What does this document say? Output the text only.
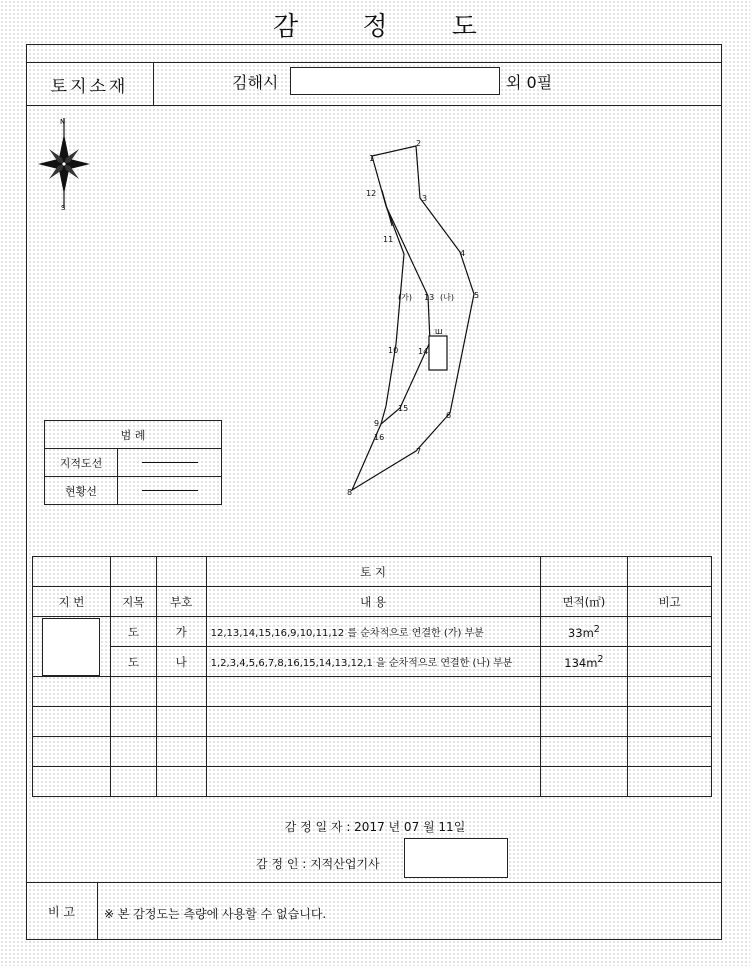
감 정 도
토지소재	김해시	외 0필
N
S
1
2
3
4
5
6
7
8
9
10
11
12
13
14
15
16
(가)	(나)
Ш
범 례	
지적도선	

현황선	
			토 지		
지 번	지목	부호	내 용	면적(㎡)	비고

	도	가	12,13,14,15,16,9,10,11,12 를 순차적으로 연결한 (가) 부분	$33m^2$	
	도	나	1,2,3,4,5,6,7,8,16,15,14,13,12,1 을 순차적으로 연결한 (나) 부분	$134m^2$	

감 정 일 자 : 2017 년 07 월 11일
감 정 인 : 지적산업기사
비 고	※ 본 감정도는 측량에 사용할 수 없습니다.
